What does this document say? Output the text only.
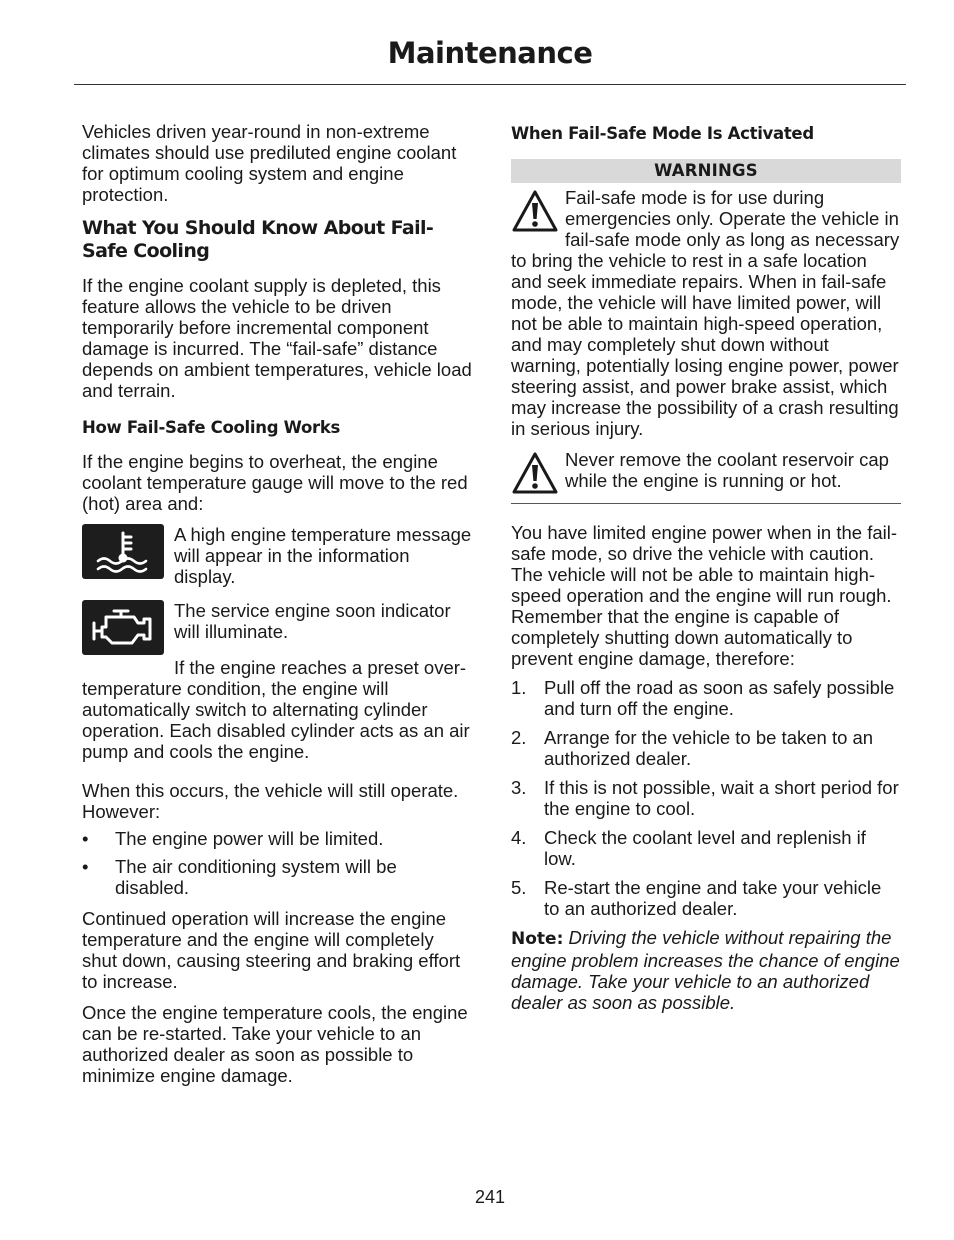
Maintenance

Vehicles driven year-round in non-extreme climates should use prediluted engine coolant for optimum cooling system and engine protection.

What You Should Know About Fail-Safe Cooling

If the engine coolant supply is depleted, this feature allows the vehicle to be driven temporarily before incremental component damage is incurred. The “fail-safe” distance depends on ambient temperatures, vehicle load and terrain.

How Fail-Safe Cooling Works

If the engine begins to overheat, the engine coolant temperature gauge will move to the red (hot) area and:

A high engine temperature message will appear in the information display.
The service engine soon indicator will illuminate.

If the engine reaches a preset over-temperature condition, the engine will automatically switch to alternating cylinder operation. Each disabled cylinder acts as an air pump and cools the engine.

When this occurs, the vehicle will still operate. However:

• The engine power will be limited.
• The air conditioning system will be disabled.

Continued operation will increase the engine temperature and the engine will completely shut down, causing steering and braking effort to increase.

Once the engine temperature cools, the engine can be re-started. Take your vehicle to an authorized dealer as soon as possible to minimize engine damage.

When Fail-Safe Mode Is Activated
WARNINGS
Fail-safe mode is for use during emergencies only. Operate the vehicle in fail-safe mode only as long as necessary to bring the vehicle to rest in a safe location and seek immediate repairs. When in fail-safe mode, the vehicle will have limited power, will not be able to maintain high-speed operation, and may completely shut down without warning, potentially losing engine power, power steering assist, and power brake assist, which may increase the possibility of a crash resulting in serious injury.
Never remove the coolant reservoir cap while the engine is running or hot.

You have limited engine power when in the fail-safe mode, so drive the vehicle with caution. The vehicle will not be able to maintain high-speed operation and the engine will run rough. Remember that the engine is capable of completely shutting down automatically to prevent engine damage, therefore:

1. Pull off the road as soon as safely possible and turn off the engine.
2. Arrange for the vehicle to be taken to an authorized dealer.
3. If this is not possible, wait a short period for the engine to cool.
4. Check the coolant level and replenish if low.
5. Re-start the engine and take your vehicle to an authorized dealer.

Note: Driving the vehicle without repairing the engine problem increases the chance of engine damage. Take your vehicle to an authorized dealer as soon as possible.

241
